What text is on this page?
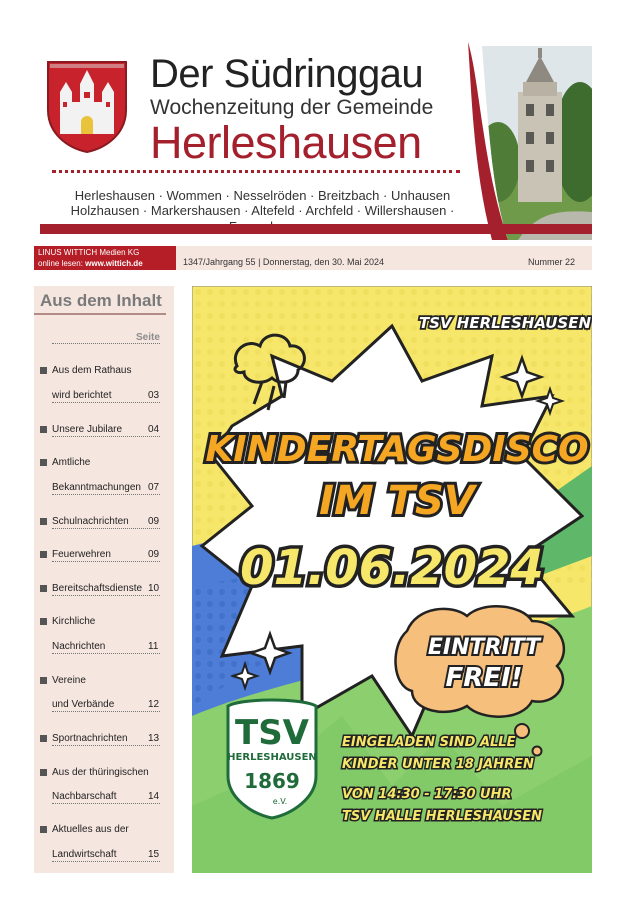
Der Südringgau
Wochenzeitung der Gemeinde
Herleshausen
Herleshausen · Wommen · Nesselröden · Breitzbach · Unhausen
Holzhausen · Markershausen · Altefeld · Archfeld · Willershausen ·
LINUS WITTICH Medien KG
online lesen: www.wittich.de	1347/Jahrgang 55 | Donnerstag, den 30. Mai 2024	Nummer 22
Aus dem Inhalt
Seite
Aus dem Rathaus
wird berichtet	03
Unsere Jubilare	04
Amtliche
Bekanntmachungen 07
Schulnachrichten 09
Feuerwehren	09
Bereitschaftsdienste 10
Kirchliche
Nachrichten	11
Vereine
und Verbände	12
Sportnachrichten 13
Aus der thüringischen
Nachbarschaft	14
Aktuelles aus der
Landwirtschaft	15
TSV HERLESHAUSEN
KINDERTAGSDISCO
IM TSV
01.06.2024
EINTRITT
FREI!
TSV
HERLESHAUSEN
1869
e.V.
EINGELADEN SIND ALLE
KINDER UNTER 18 JAHREN
VON 14:30 - 17:30 UHR
TSV HALLE HERLESHAUSEN
